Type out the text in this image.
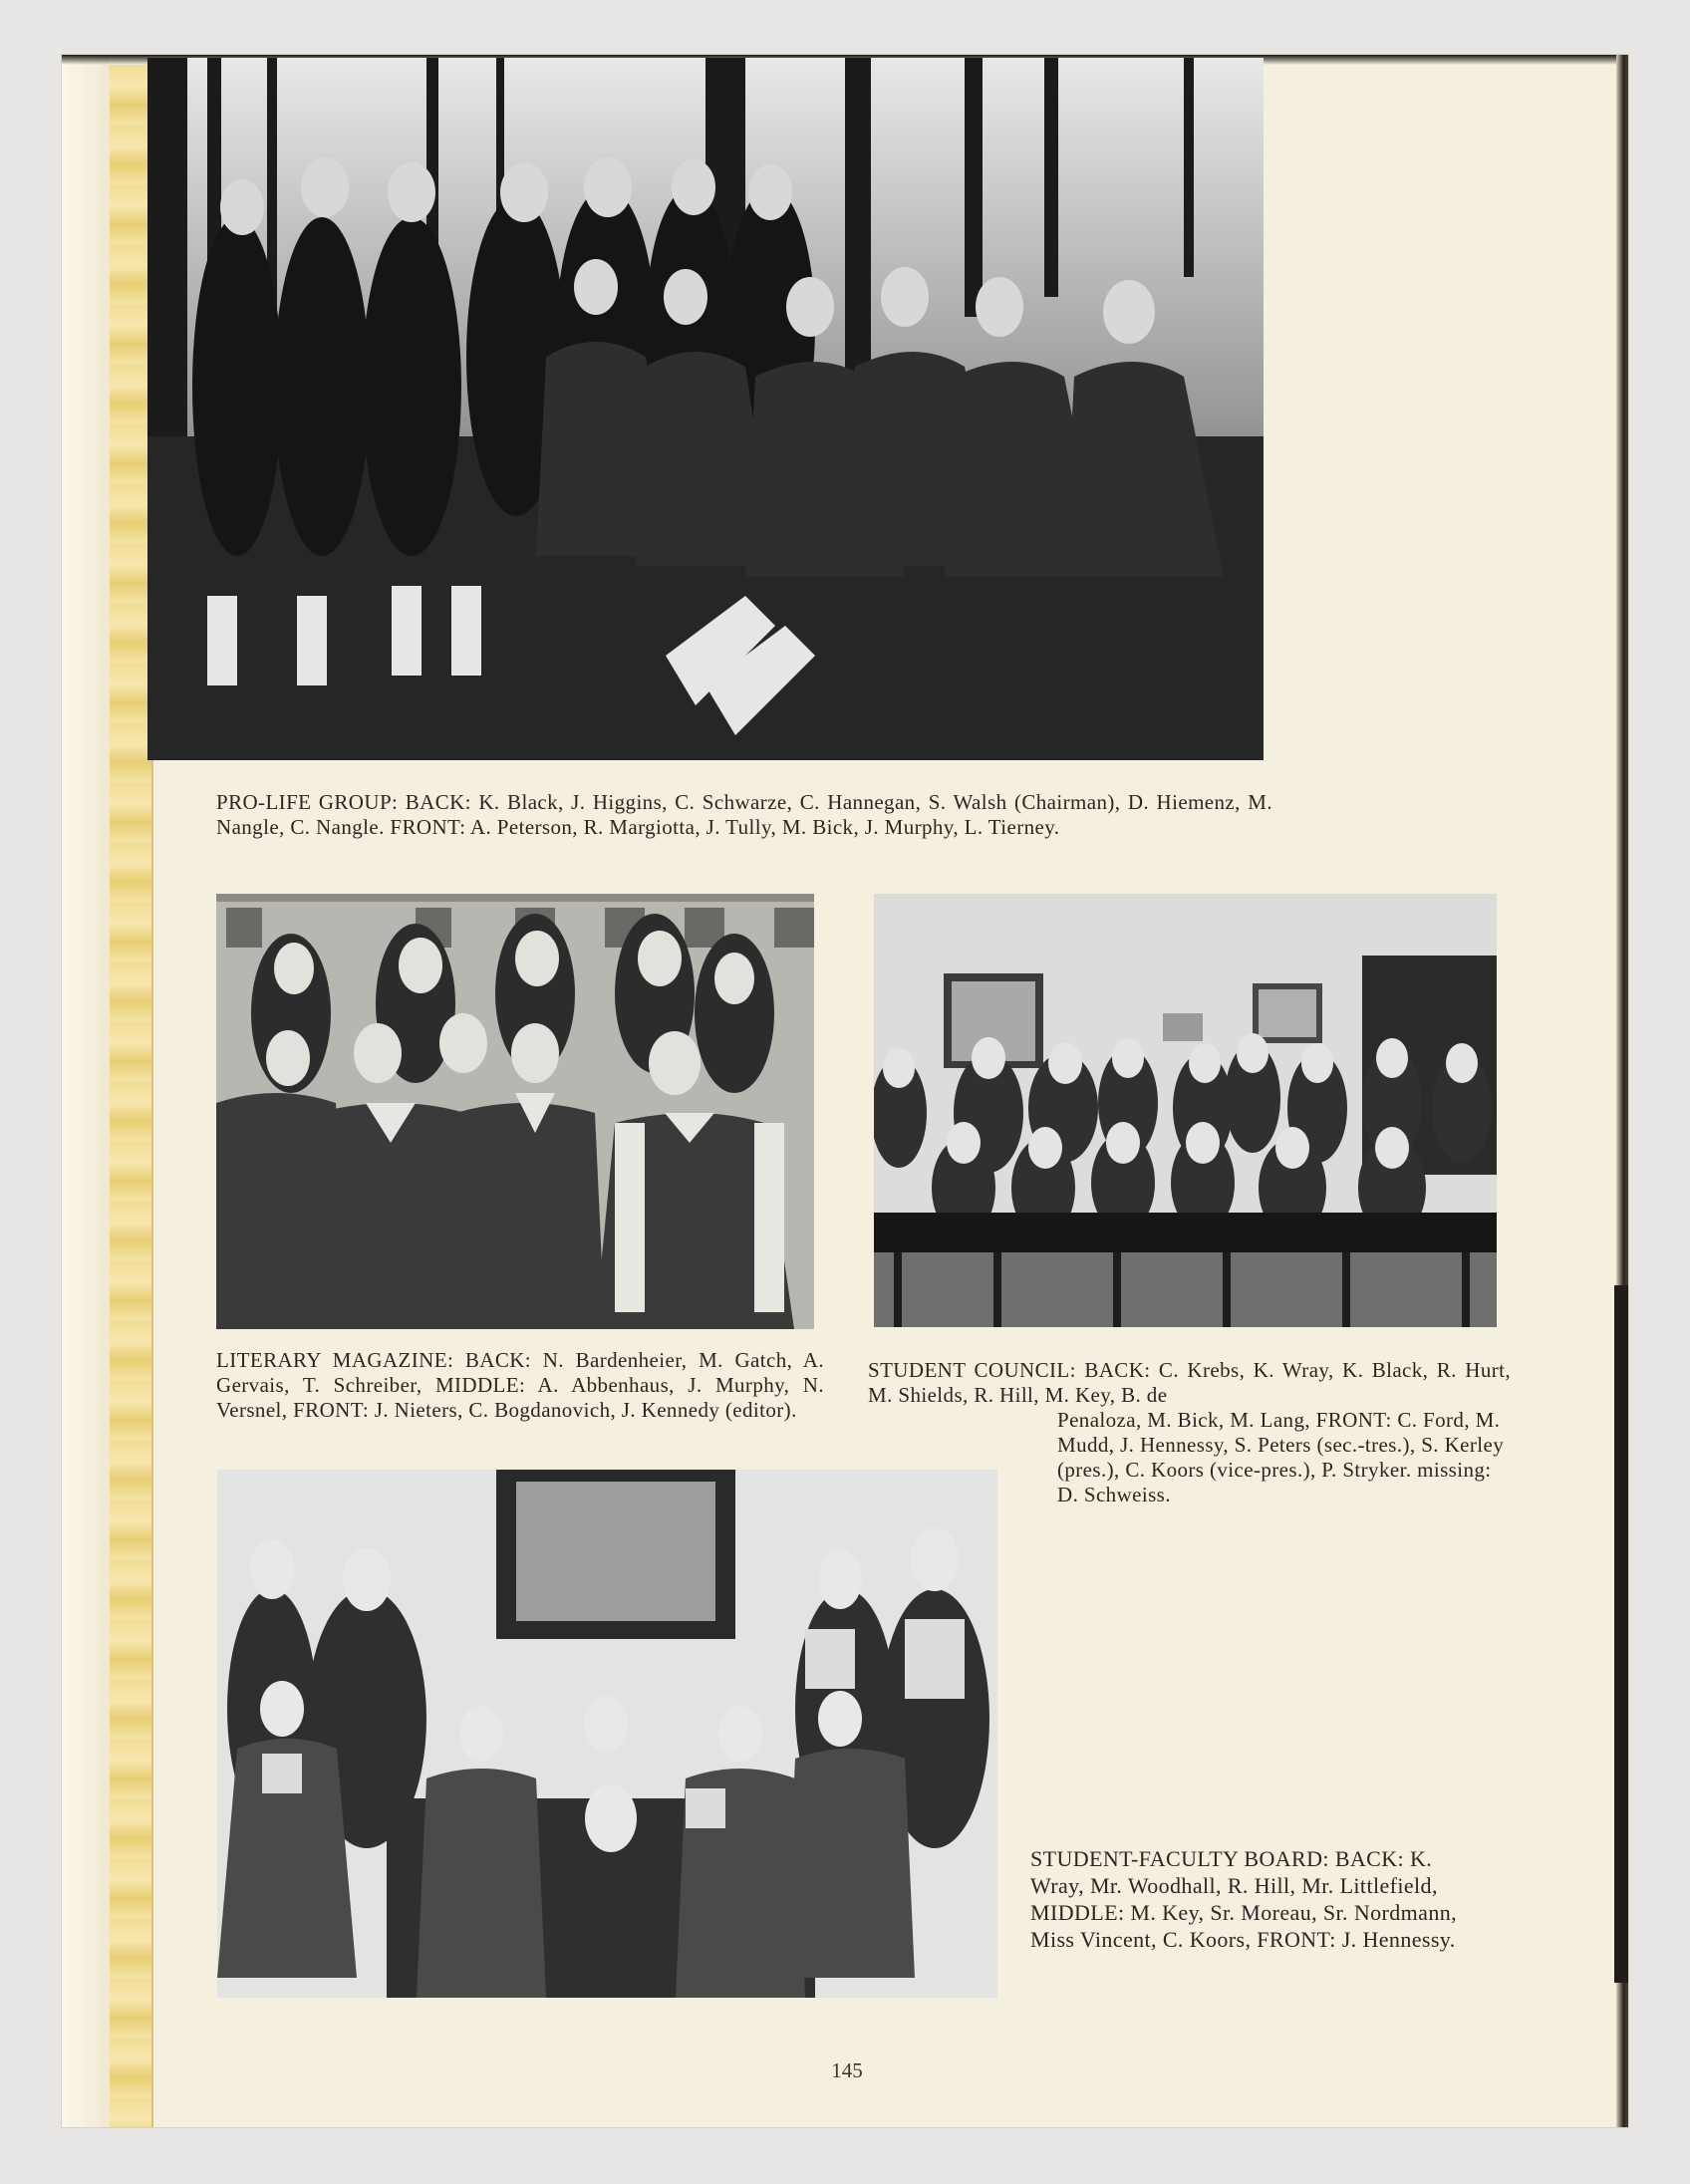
PRO-LIFE GROUP: BACK: K. Black, J. Higgins, C. Schwarze, C. Hannegan, S. Walsh (Chairman), D. Hiemenz, M. Nangle, C. Nangle. FRONT: A. Peterson, R. Margiotta, J. Tully, M. Bick, J. Murphy, L. Tierney.
LITERARY MAGAZINE: BACK: N. Bardenheier, M. Gatch, A. Gervais, T. Schreiber, MIDDLE: A. Abbenhaus, J. Murphy, N. Versnel, FRONT: J. Nieters, C. Bogdanovich, J. Kennedy (editor).
STUDENT COUNCIL: BACK: C. Krebs, K. Wray, K. Black, R. Hurt, M. Shields, R. Hill, M. Key, B. de
Penaloza, M. Bick, M. Lang, FRONT: C. Ford, M. Mudd, J. Hennessy, S. Peters (sec.-tres.), S. Kerley (pres.), C. Koors (vice-pres.), P. Stryker. missing: D. Schweiss.
STUDENT-FACULTY BOARD: BACK: K. Wray, Mr. Woodhall, R. Hill, Mr. Littlefield, MIDDLE: M. Key, Sr. Moreau, Sr. Nordmann, Miss Vincent, C. Koors, FRONT: J. Hennessy.
145
